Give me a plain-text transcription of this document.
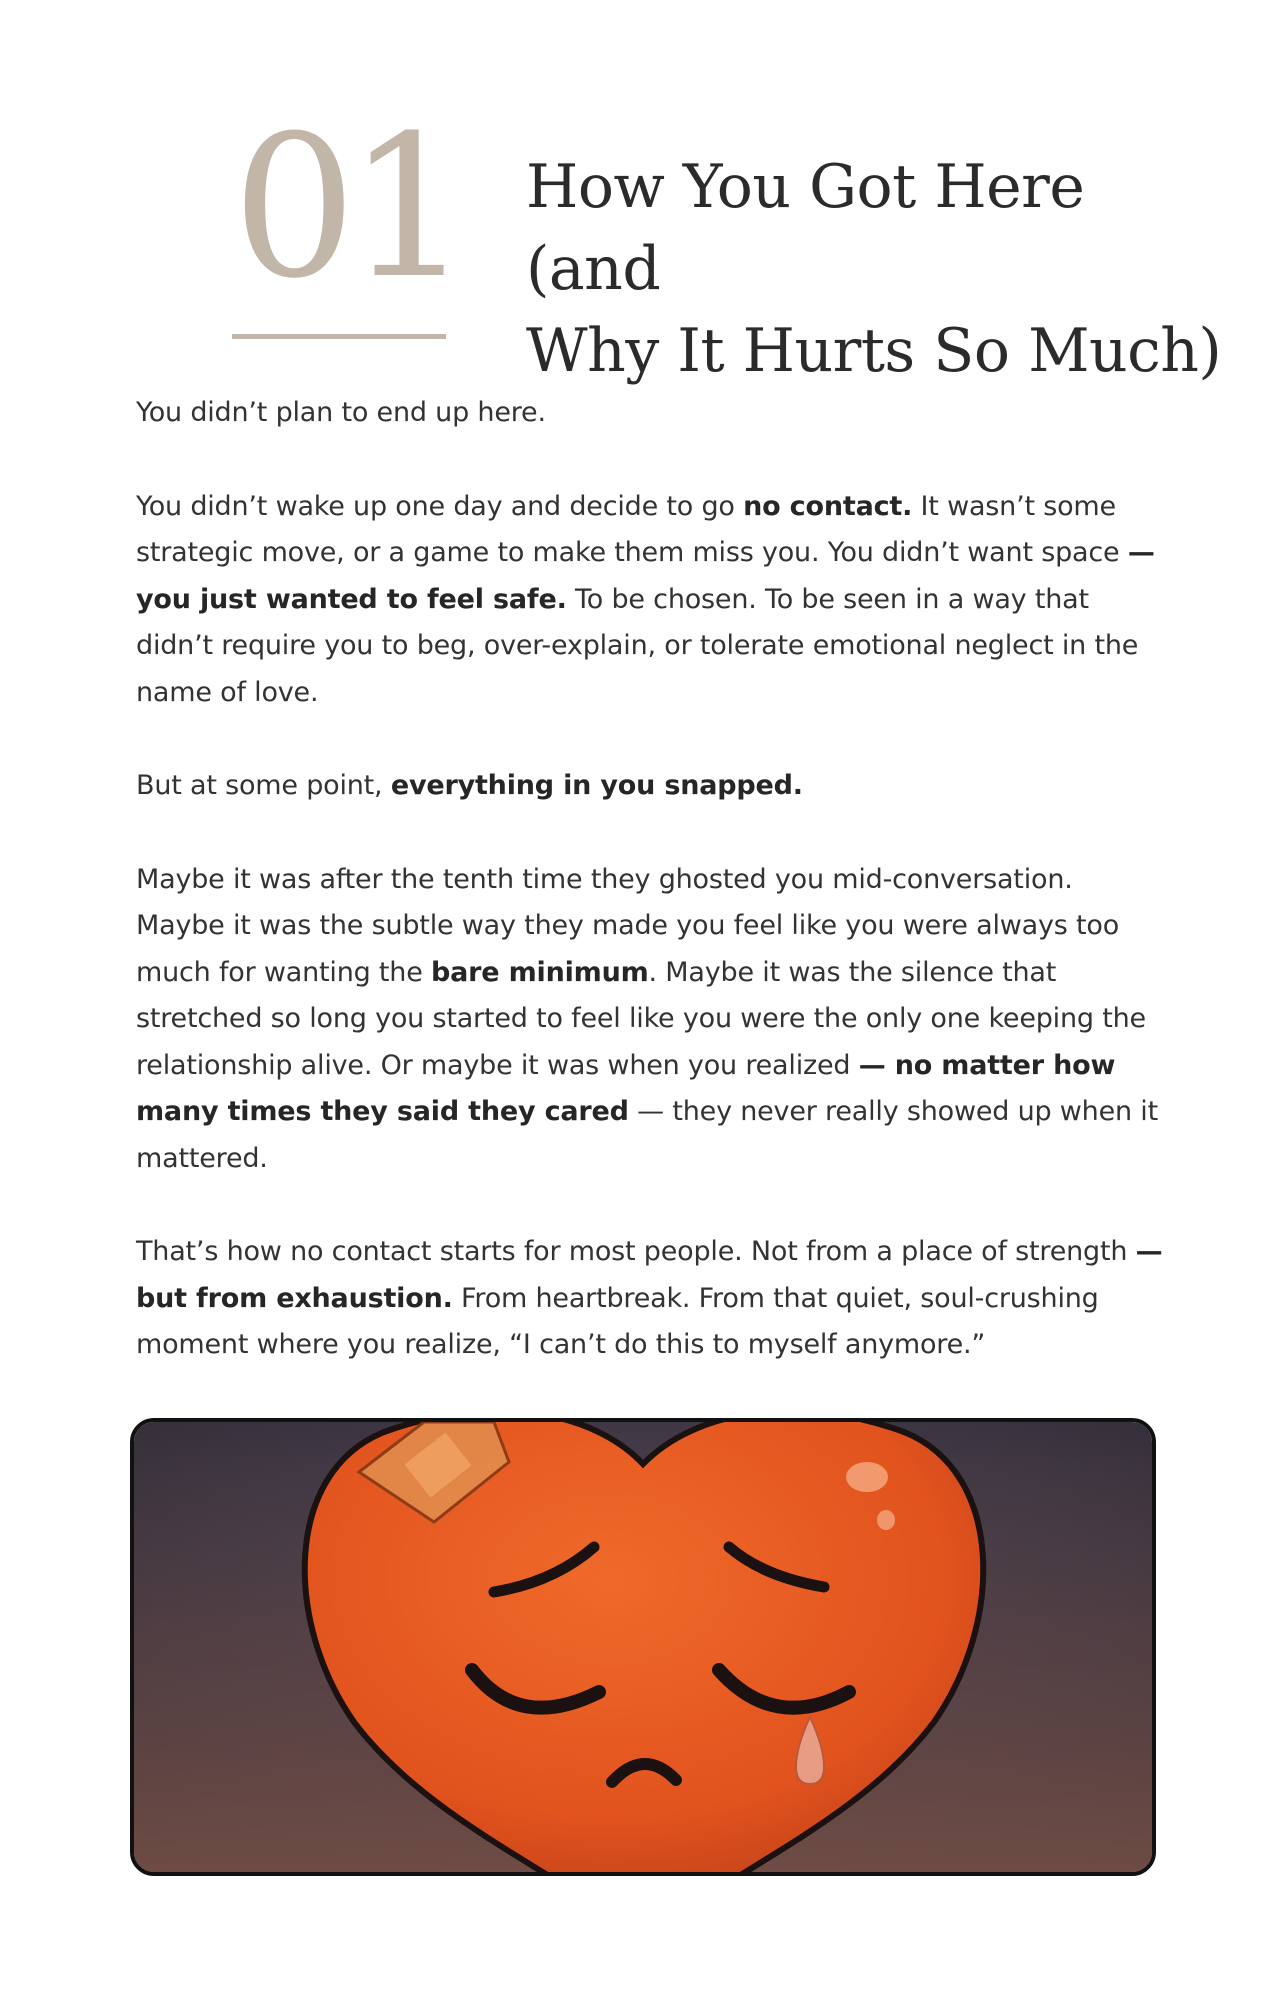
01 How You Got Here (and
Why It Hurts So Much)

You didn’t plan to end up here.

You didn’t wake up one day and decide to go no contact. It wasn’t some strategic move, or a game to make them miss you. You didn’t want space — you just wanted to feel safe. To be chosen. To be seen in a way that didn’t require you to beg, over-explain, or tolerate emotional neglect in the name of love.

But at some point, everything in you snapped.

Maybe it was after the tenth time they ghosted you mid-conversation. Maybe it was the subtle way they made you feel like you were always too much for wanting the bare minimum. Maybe it was the silence that stretched so long you started to feel like you were the only one keeping the relationship alive. Or maybe it was when you realized — no matter how many times they said they cared — they never really showed up when it mattered.

That’s how no contact starts for most people. Not from a place of strength — but from exhaustion. From heartbreak. From that quiet, soul-crushing moment where you realize, “I can’t do this to myself anymore.”
